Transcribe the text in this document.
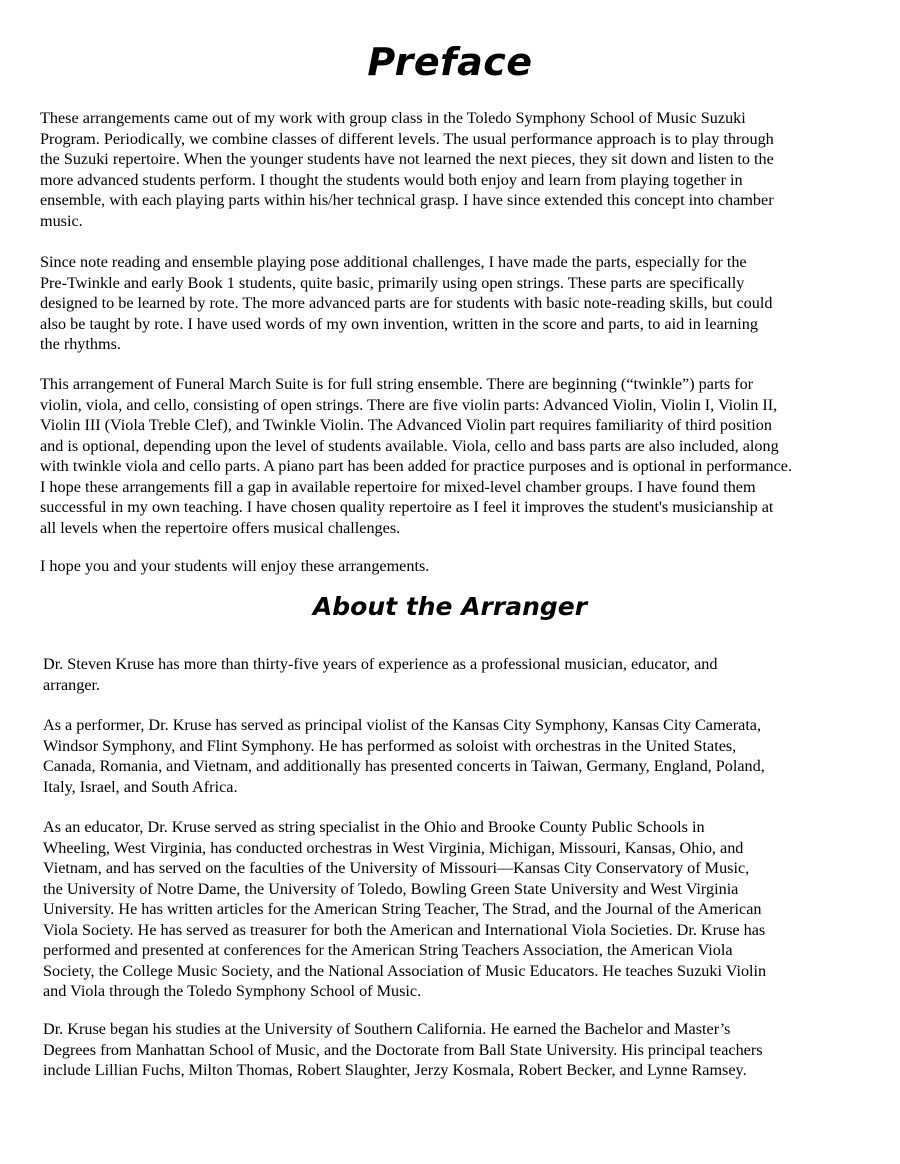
Preface

These arrangements came out of my work with group class in the Toledo Symphony School of Music Suzuki
Program. Periodically, we combine classes of different levels. The usual performance approach is to play through
the Suzuki repertoire. When the younger students have not learned the next pieces, they sit down and listen to the
more advanced students perform. I thought the students would both enjoy and learn from playing together in
ensemble, with each playing parts within his/her technical grasp. I have since extended this concept into chamber
music.

Since note reading and ensemble playing pose additional challenges, I have made the parts, especially for the
Pre-Twinkle and early Book 1 students, quite basic, primarily using open strings. These parts are specifically
designed to be learned by rote. The more advanced parts are for students with basic note-reading skills, but could
also be taught by rote. I have used words of my own invention, written in the score and parts, to aid in learning
the rhythms.

This arrangement of Funeral March Suite is for full string ensemble. There are beginning (“twinkle”) parts for
violin, viola, and cello, consisting of open strings. There are five violin parts: Advanced Violin, Violin I, Violin II,
Violin III (Viola Treble Clef), and Twinkle Violin. The Advanced Violin part requires familiarity of third position
and is optional, depending upon the level of students available. Viola, cello and bass parts are also included, along
with twinkle viola and cello parts. A piano part has been added for practice purposes and is optional in performance.
I hope these arrangements fill a gap in available repertoire for mixed-level chamber groups. I have found them
successful in my own teaching. I have chosen quality repertoire as I feel it improves the student's musicianship at
all levels when the repertoire offers musical challenges.

I hope you and your students will enjoy these arrangements.

About the Arranger

Dr. Steven Kruse has more than thirty-five years of experience as a professional musician, educator, and
arranger.

As a performer, Dr. Kruse has served as principal violist of the Kansas City Symphony, Kansas City Camerata,
Windsor Symphony, and Flint Symphony. He has performed as soloist with orchestras in the United States,
Canada, Romania, and Vietnam, and additionally has presented concerts in Taiwan, Germany, England, Poland,
Italy, Israel, and South Africa.

As an educator, Dr. Kruse served as string specialist in the Ohio and Brooke County Public Schools in
Wheeling, West Virginia, has conducted orchestras in West Virginia, Michigan, Missouri, Kansas, Ohio, and
Vietnam, and has served on the faculties of the University of Missouri—Kansas City Conservatory of Music,
the University of Notre Dame, the University of Toledo, Bowling Green State University and West Virginia
University. He has written articles for the American String Teacher, The Strad, and the Journal of the American
Viola Society. He has served as treasurer for both the American and International Viola Societies. Dr. Kruse has
performed and presented at conferences for the American String Teachers Association, the American Viola
Society, the College Music Society, and the National Association of Music Educators. He teaches Suzuki Violin
and Viola through the Toledo Symphony School of Music.

Dr. Kruse began his studies at the University of Southern California. He earned the Bachelor and Master’s
Degrees from Manhattan School of Music, and the Doctorate from Ball State University. His principal teachers
include Lillian Fuchs, Milton Thomas, Robert Slaughter, Jerzy Kosmala, Robert Becker, and Lynne Ramsey.
